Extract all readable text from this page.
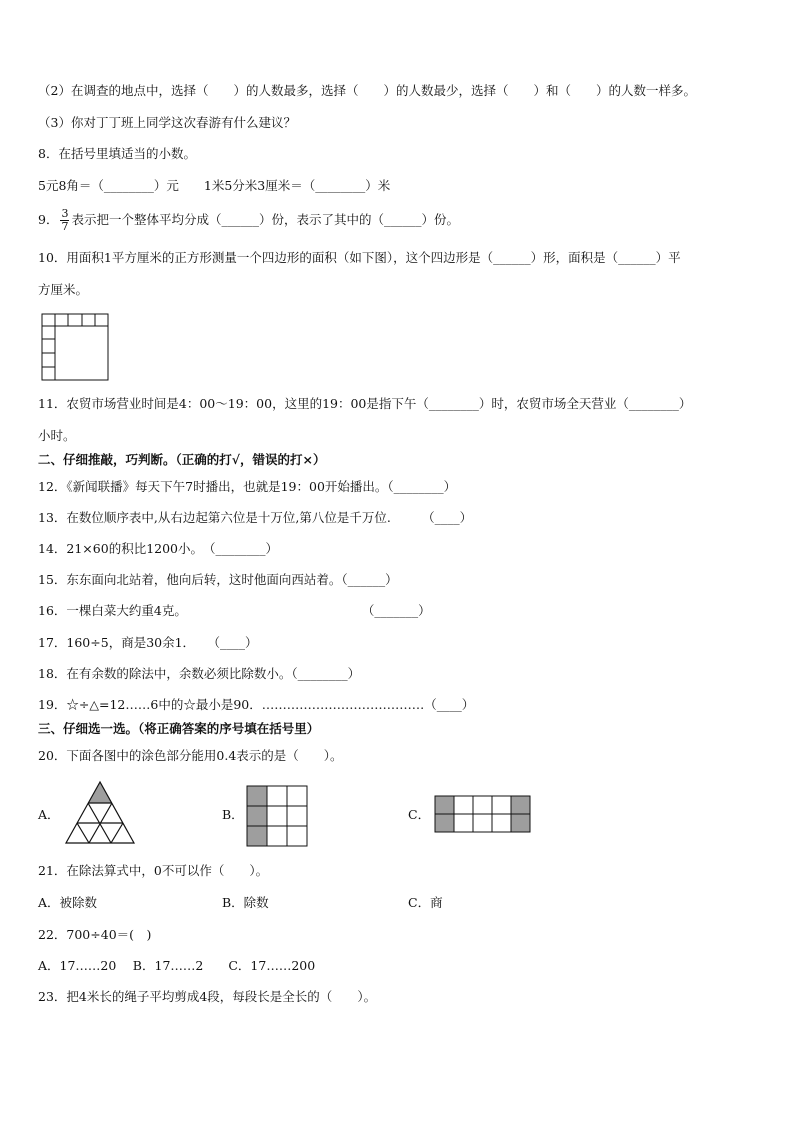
（2）在调查的地点中，选择（　　）的人数最多，选择（　　）的人数最少，选择（　　）和（　　）的人数一样多。
（3）你对丁丁班上同学这次春游有什么建议？
8．在括号里填适当的小数。
5元8角＝（________）元　　1米5分米3厘米＝（________）米
9． $\frac{3}{7}$ 表示把一个整体平均分成（______）份，表示了其中的（______）份。
10．用面积1平方厘米的正方形测量一个四边形的面积（如下图），这个四边形是（______）形，面积是（______）平
方厘米。
11．农贸市场营业时间是4：00～19：00，这里的19：00是指下午（________）时，农贸市场全天营业（________）
小时。
二、仔细推敲，巧判断。（正确的打√，错误的打×）
12．《新闻联播》每天下午7时播出，也就是19：00开始播出。（________）
13．在数位顺序表中,从右边起第六位是十万位,第八位是千万位.　　　（____）
14．21×60的积比1200小。　（________）
15．东东面向北站着，他向后转，这时他面向西站着。（______）
16．一棵白菜大约重4克。　　　　　　　　　　　　　　　（_______）
17．160÷5，商是30余1．　　（____）
18．在有余数的除法中，余数必须比除数小。（________）
19．☆÷△=12……6中的☆最小是90．…………………………………（____）
三、仔细选一选。（将正确答案的序号填在括号里）
20．下面各图中的涂色部分能用0.4表示的是（　　）。
A．	B．	C．
21．在除法算式中，0不可以作（　　）。
A．被除数	B．除数	C．商
22．700÷40＝(　)
A．17……20　 B．17……2　　C．17……200
23．把4米长的绳子平均剪成4段，每段长是全长的（　　）。
